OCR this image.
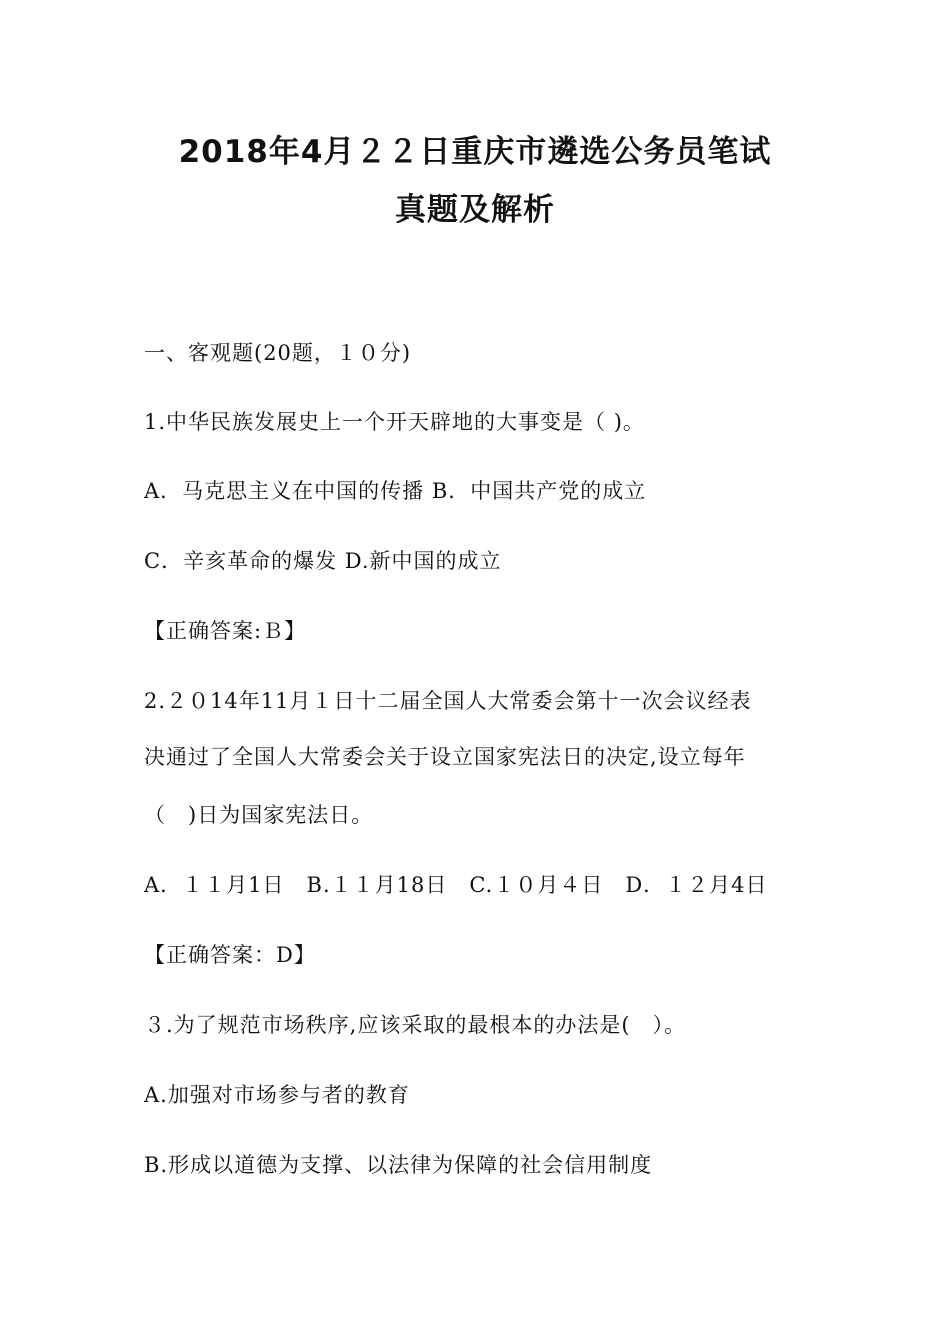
2018年4月２２日重庆市遴选公务员笔试
真题及解析
一、客观题(20题，１０分)
1.中华民族发展史上一个开天辟地的大事变是（ )。
A．马克思主义在中国的传播 B．中国共产党的成立
C．辛亥革命的爆发 D.新中国的成立
【正确答案:Ｂ】
2.２０14年11月１日十二届全国人大常委会第十一次会议经表
决通过了全国人大常委会关于设立国家宪法日的决定,设立每年
（　)日为国家宪法日。
A．１１月1日　B.１１月18日　C.１０月４日　D．１２月4日
【正确答案：D】
３.为了规范市场秩序,应该采取的最根本的办法是(　）。
A.加强对市场参与者的教育
B.形成以道德为支撑、以法律为保障的社会信用制度
